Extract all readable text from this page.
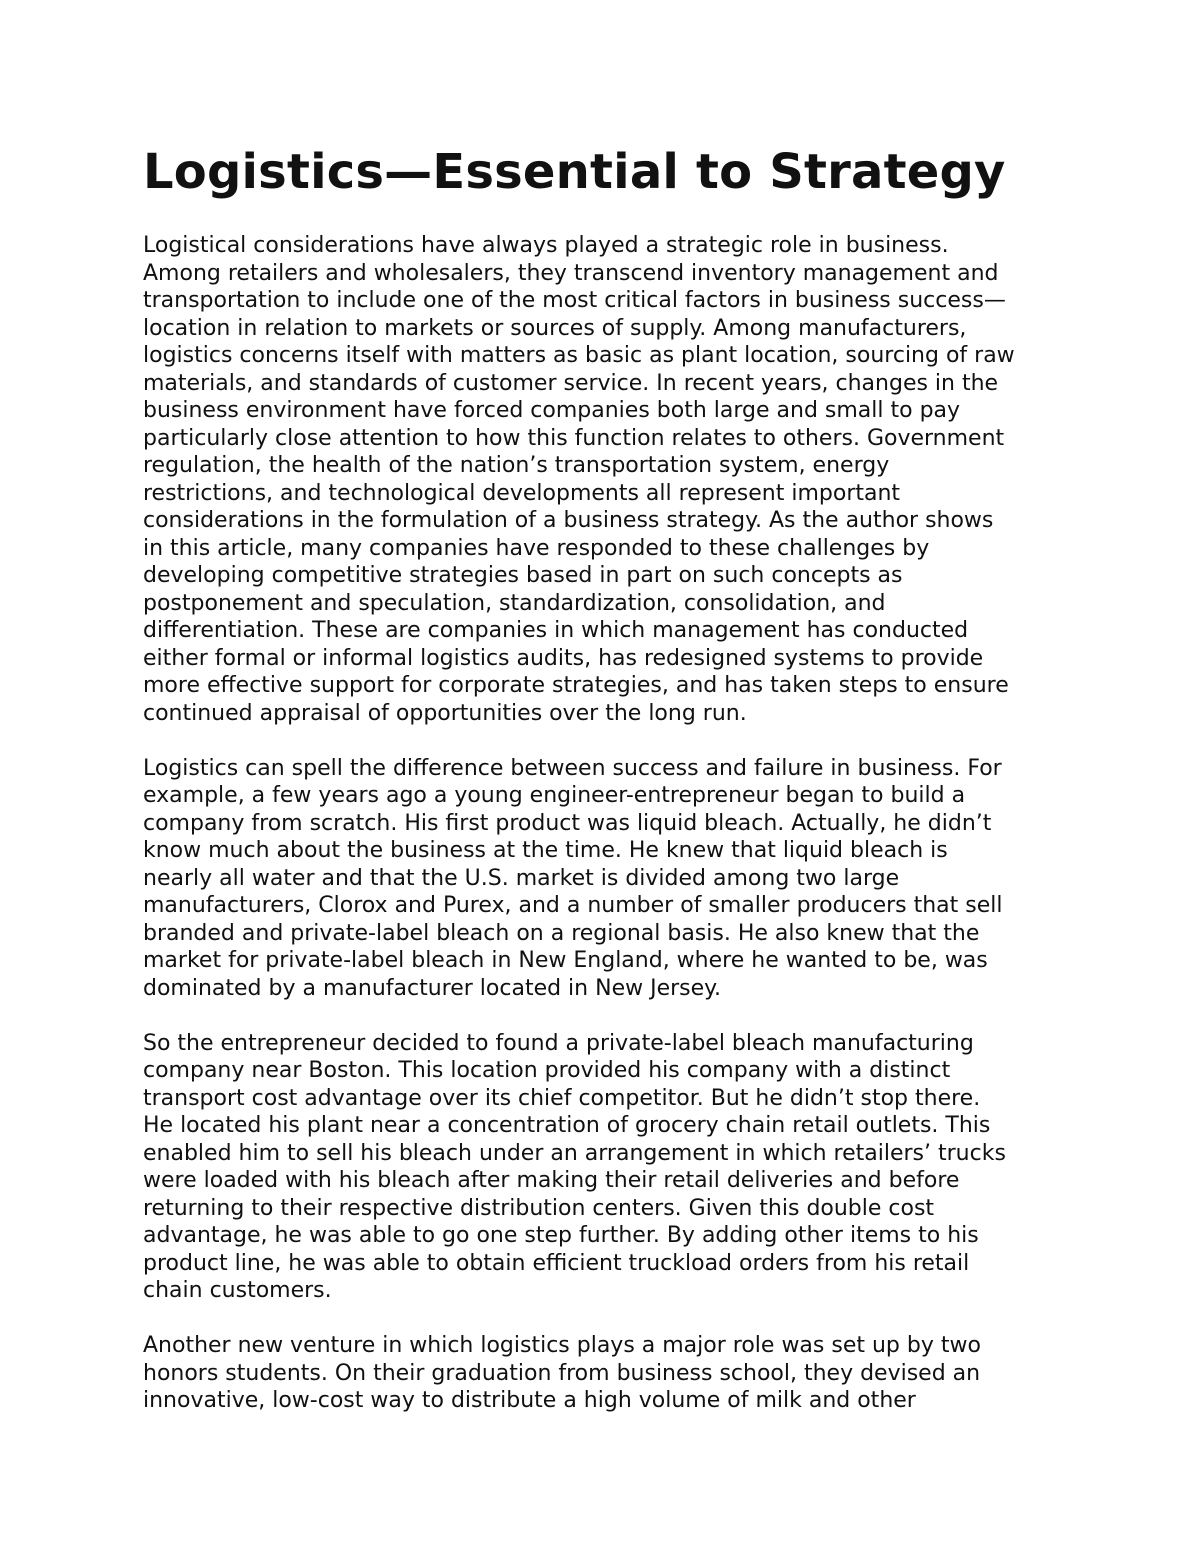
Logistics—Essential to Strategy

Logistical considerations have always played a strategic role in business.
Among retailers and wholesalers, they transcend inventory management and
transportation to include one of the most critical factors in business success—
location in relation to markets or sources of supply. Among manufacturers,
logistics concerns itself with matters as basic as plant location, sourcing of raw
materials, and standards of customer service. In recent years, changes in the
business environment have forced companies both large and small to pay
particularly close attention to how this function relates to others. Government
regulation, the health of the nation’s transportation system, energy
restrictions, and technological developments all represent important
considerations in the formulation of a business strategy. As the author shows
in this article, many companies have responded to these challenges by
developing competitive strategies based in part on such concepts as
postponement and speculation, standardization, consolidation, and
differentiation. These are companies in which management has conducted
either formal or informal logistics audits, has redesigned systems to provide
more effective support for corporate strategies, and has taken steps to ensure
continued appraisal of opportunities over the long run.

Logistics can spell the difference between success and failure in business. For
example, a few years ago a young engineer-entrepreneur began to build a
company from scratch. His first product was liquid bleach. Actually, he didn’t
know much about the business at the time. He knew that liquid bleach is
nearly all water and that the U.S. market is divided among two large
manufacturers, Clorox and Purex, and a number of smaller producers that sell
branded and private-label bleach on a regional basis. He also knew that the
market for private-label bleach in New England, where he wanted to be, was
dominated by a manufacturer located in New Jersey.

So the entrepreneur decided to found a private-label bleach manufacturing
company near Boston. This location provided his company with a distinct
transport cost advantage over its chief competitor. But he didn’t stop there.
He located his plant near a concentration of grocery chain retail outlets. This
enabled him to sell his bleach under an arrangement in which retailers’ trucks
were loaded with his bleach after making their retail deliveries and before
returning to their respective distribution centers. Given this double cost
advantage, he was able to go one step further. By adding other items to his
product line, he was able to obtain efficient truckload orders from his retail
chain customers.

Another new venture in which logistics plays a major role was set up by two
honors students. On their graduation from business school, they devised an
innovative, low-cost way to distribute a high volume of milk and other
